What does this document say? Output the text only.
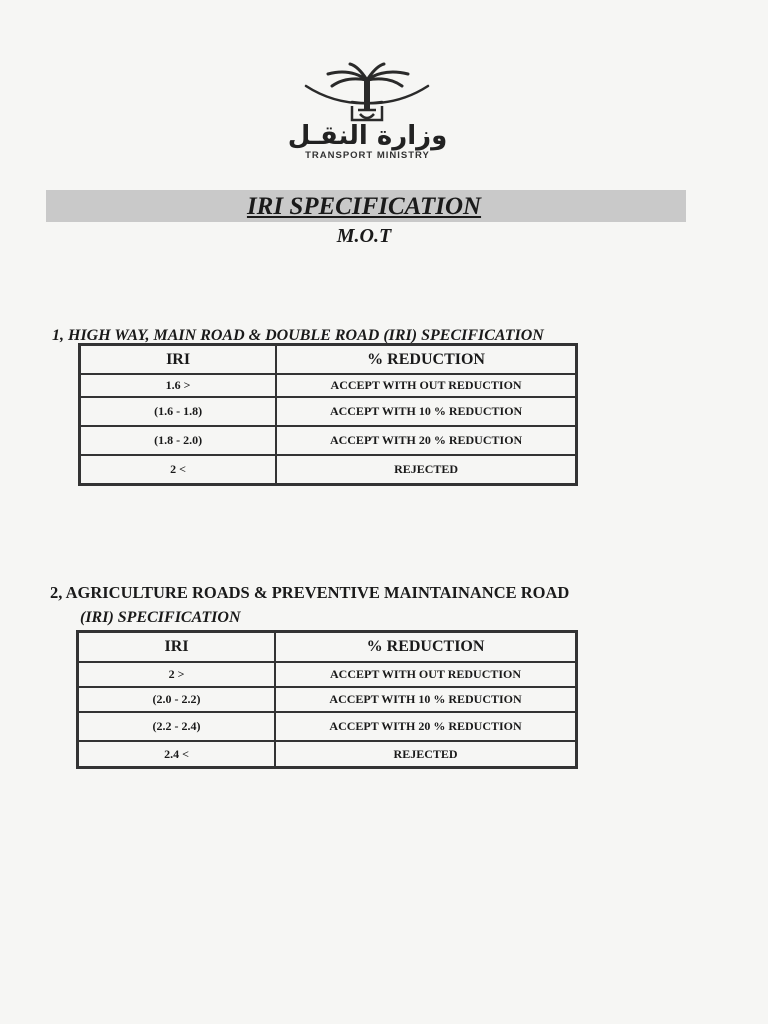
وزارة النقـل
TRANSPORT MINISTRY
IRI SPECIFICATION
M.O.T
1, HIGH WAY, MAIN ROAD & DOUBLE ROAD (IRI) SPECIFICATION
IRI	% REDUCTION
1.6 >	ACCEPT WITH OUT REDUCTION
(1.6 - 1.8)	ACCEPT WITH 10 % REDUCTION
(1.8 - 2.0)	ACCEPT WITH 20 % REDUCTION
2 <	REJECTED
2, AGRICULTURE ROADS & PREVENTIVE MAINTAINANCE ROAD
(IRI) SPECIFICATION
IRI	% REDUCTION
2 >	ACCEPT WITH OUT REDUCTION
(2.0 - 2.2)	ACCEPT WITH 10 % REDUCTION
(2.2 - 2.4)	ACCEPT WITH 20 % REDUCTION
2.4 <	REJECTED
